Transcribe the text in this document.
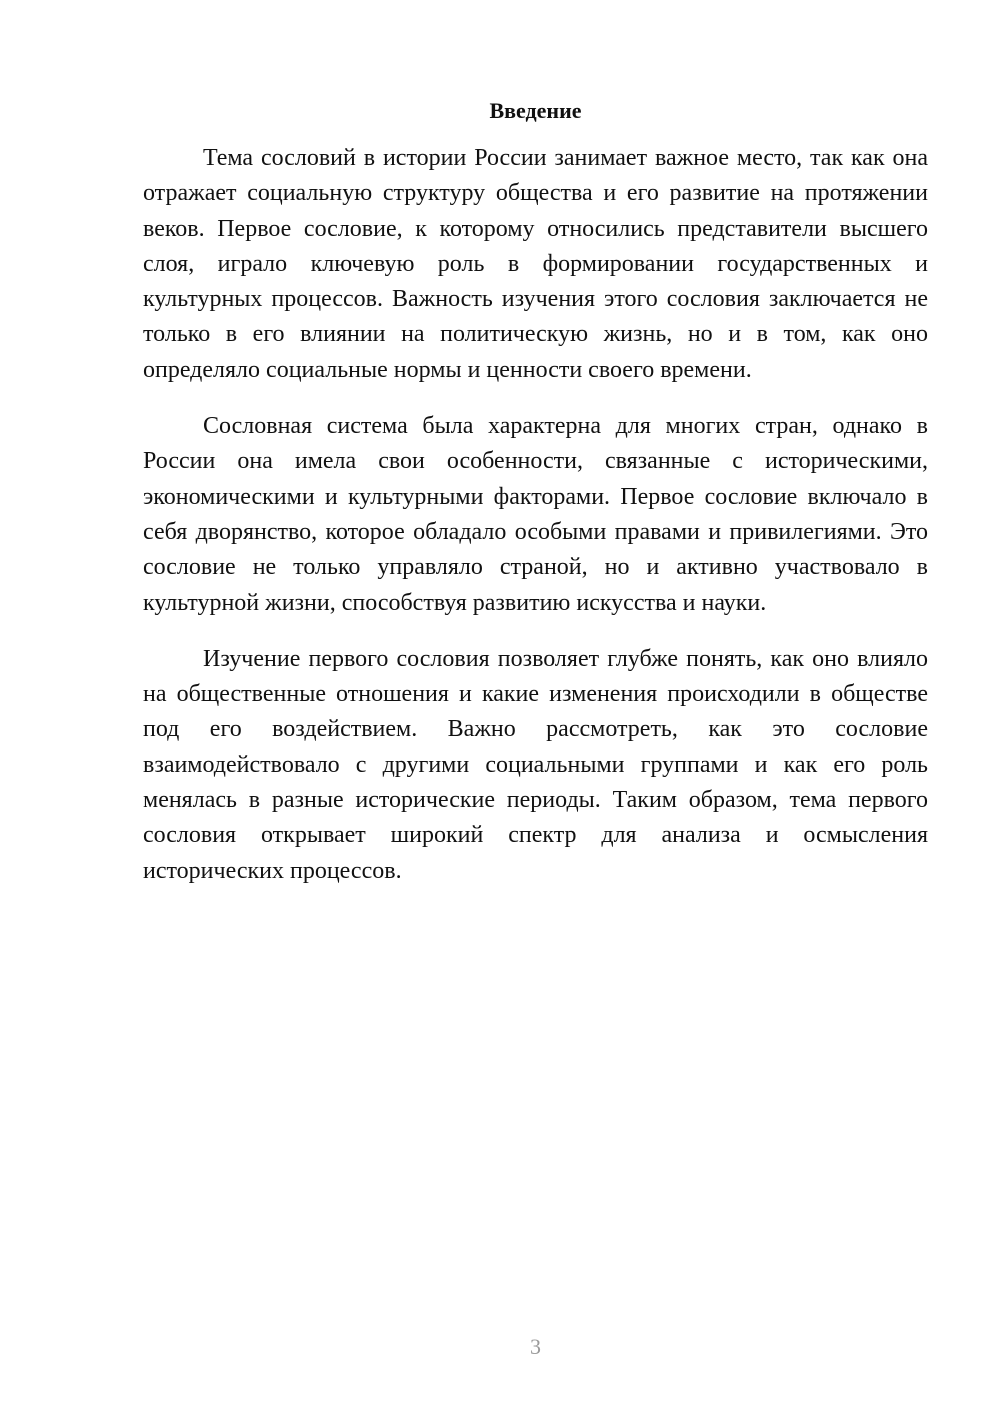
Введение

Тема сословий в истории России занимает важное место, так как она отражает социальную структуру общества и его развитие на протяжении веков. Первое сословие, к которому относились представители высшего слоя, играло ключевую роль в формировании государственных и культурных процессов. Важность изучения этого сословия заключается не только в его влиянии на политическую жизнь, но и в том, как оно определяло социальные нормы и ценности своего времени.

Сословная система была характерна для многих стран, однако в России она имела свои особенности, связанные с историческими, экономическими и культурными факторами. Первое сословие включало в себя дворянство, которое обладало особыми правами и привилегиями. Это сословие не только управляло страной, но и активно участвовало в культурной жизни, способствуя развитию искусства и науки.

Изучение первого сословия позволяет глубже понять, как оно влияло на общественные отношения и какие изменения происходили в обществе под его воздействием. Важно рассмотреть, как это сословие взаимодействовало с другими социальными группами и как его роль менялась в разные исторические периоды. Таким образом, тема первого сословия открывает широкий спектр для анализа и осмысления исторических процессов.

3
